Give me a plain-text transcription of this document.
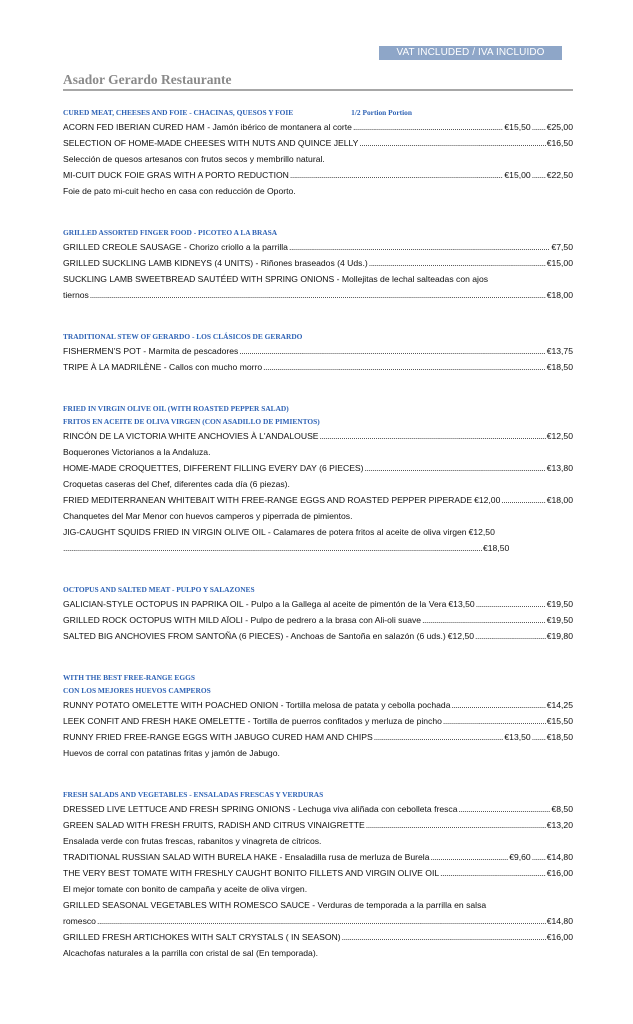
VAT INCLUDED / IVA INCLUIDO
Asador Gerardo Restaurante
CURED MEAT, CHEESES AND FOIE - CHACINAS, QUESOS Y FOIE	1/2 Portion Portion
ACORN FED IBERIAN CURED HAM - Jamón ibérico de montanera al corte .....	€15,50 ..... €25,00
SELECTION OF HOME-MADE CHEESES WITH NUTS AND QUINCE JELLY .....	€16,50
Selección de quesos artesanos con frutos secos y membrillo natural.
MI-CUIT DUCK FOIE GRAS WITH A PORTO REDUCTION .....	€15,00 ..... €22,50
Foie de pato mi-cuit hecho en casa con reducción de Oporto.
GRILLED ASSORTED FINGER FOOD - PICOTEO A LA BRASA
GRILLED CREOLE SAUSAGE - Chorizo criollo a la parrilla .....	€7,50
GRILLED SUCKLING LAMB KIDNEYS (4 UNITS) - Riñones braseados (4 Uds.) .....	€15,00
SUCKLING LAMB SWEETBREAD SAUTÉED WITH SPRING ONIONS - Mollejitas de lechal salteadas con ajos
tiernos .....	€18,00
TRADITIONAL STEW OF GERARDO - LOS CLÁSICOS DE GERARDO
FISHERMEN'S POT - Marmita de pescadores .....	€13,75
TRIPE À LA MADRILÈNE - Callos con mucho morro .....	€18,50
FRIED IN VIRGIN OLIVE OIL (WITH ROASTED PEPPER SALAD)
FRITOS EN ACEITE DE OLIVA VIRGEN (CON ASADILLO DE PIMIENTOS)
RINCÓN DE LA VICTORIA WHITE ANCHOVIES À L'ANDALOUSE .....	€12,50
Boquerones Victorianos a la Andaluza.
HOME-MADE CROQUETTES, DIFFERENT FILLING EVERY DAY (6 PIECES) .....	€13,80
Croquetas caseras del Chef, diferentes cada día (6 piezas).
FRIED MEDITERRANEAN WHITEBAIT WITH FREE-RANGE EGGS AND ROASTED PEPPER PIPERADE €12,00 .....	€18,00
Chanquetes del Mar Menor con huevos camperos y piperrada de pimientos.
JIG-CAUGHT SQUIDS FRIED IN VIRGIN OLIVE OIL - Calamares de potera fritos al aceite de oliva virgen €12,50
.....
€18,50
OCTOPUS AND SALTED MEAT - PULPO Y SALAZONES
GALICIAN-STYLE OCTOPUS IN PAPRIKA OIL - Pulpo a la Gallega al aceite de pimentón de la Vera €13,50 .....	€19,50
GRILLED ROCK OCTOPUS WITH MILD AÏOLI - Pulpo de pedrero a la brasa con Ali-oli suave .....	€19,50
SALTED BIG ANCHOVIES FROM SANTOÑA (6 PIECES) - Anchoas de Santoña en salazón (6 uds.) €12,50 .....	€19,80
WITH THE BEST FREE-RANGE EGGS
CON LOS MEJORES HUEVOS CAMPEROS
RUNNY POTATO OMELETTE WITH POACHED ONION - Tortilla melosa de patata y cebolla pochada .....	€14,25
LEEK CONFIT AND FRESH HAKE OMELETTE - Tortilla de puerros confitados y merluza de pincho .....	€15,50
RUNNY FRIED FREE-RANGE EGGS WITH JABUGO CURED HAM AND CHIPS .....	€13,50 ..... €18,50
Huevos de corral con patatinas fritas y jamón de Jabugo.
FRESH SALADS AND VEGETABLES - ENSALADAS FRESCAS Y VERDURAS
DRESSED LIVE LETTUCE AND FRESH SPRING ONIONS - Lechuga viva aliñada con cebolleta fresca .....	€8,50
GREEN SALAD WITH FRESH FRUITS, RADISH AND CITRUS VINAIGRETTE .....	€13,20
Ensalada verde con frutas frescas, rabanitos y vinagreta de cítricos.
TRADITIONAL RUSSIAN SALAD WITH BURELA HAKE - Ensaladilla rusa de merluza de Burela .....	€9,60 ..... €14,80
THE VERY BEST TOMATE WITH FRESHLY CAUGHT BONITO FILLETS AND VIRGIN OLIVE OIL .....	€16,00
El mejor tomate con bonito de campaña y aceite de oliva virgen.
GRILLED SEASONAL VEGETABLES WITH ROMESCO SAUCE - Verduras de temporada a la parrilla en salsa
romesco .....	€14,80
GRILLED FRESH ARTICHOKES WITH SALT CRYSTALS ( IN SEASON) .....	€16,00
Alcachofas naturales a la parrilla con cristal de sal (En temporada).
